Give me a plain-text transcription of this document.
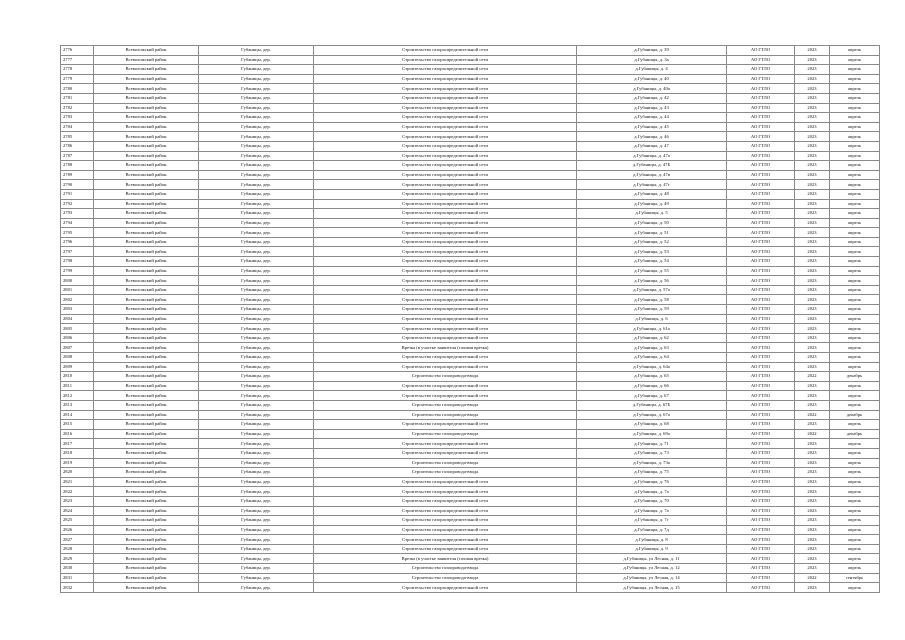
2776	Всеволожский район	Губаницы, дер.	Строительство газораспределительной сети	д.Губаницы, д. 39	АО ГТЛО	2023	апрель
2777	Всеволожский район	Губаницы, дер.	Строительство газораспределительной сети	д.Губаницы, д. 3а	АО ГТЛО	2023	апрель
2778	Всеволожский район	Губаницы, дер.	Строительство газораспределительной сети	д.Губаницы, д. 4	АО ГТЛО	2023	апрель
2779	Всеволожский район	Губаницы, дер.	Строительство газораспределительной сети	д.Губаницы, д. 40	АО ГТЛО	2023	апрель
2780	Всеволожский район	Губаницы, дер.	Строительство газораспределительной сети	д.Губаницы, д. 40а	АО ГТЛО	2023	апрель
2781	Всеволожский район	Губаницы, дер.	Строительство газораспределительной сети	д.Губаницы, д. 42	АО ГТЛО	2023	апрель
2782	Всеволожский район	Губаницы, дер.	Строительство газораспределительной сети	д.Губаницы, д. 43	АО ГТЛО	2023	апрель
2783	Всеволожский район	Губаницы, дер.	Строительство газораспределительной сети	д.Губаницы, д. 44	АО ГТЛО	2023	апрель
2784	Всеволожский район	Губаницы, дер.	Строительство газораспределительной сети	д.Губаницы, д. 45	АО ГТЛО	2023	апрель
2785	Всеволожский район	Губаницы, дер.	Строительство газораспределительной сети	д.Губаницы, д. 46	АО ГТЛО	2023	апрель
2786	Всеволожский район	Губаницы, дер.	Строительство газораспределительной сети	д.Губаницы, д. 47	АО ГТЛО	2023	апрель
2787	Всеволожский район	Губаницы, дер.	Строительство газораспределительной сети	д.Губаницы, д. 47а	АО ГТЛО	2023	апрель
2788	Всеволожский район	Губаницы, дер.	Строительство газораспределительной сети	д.Губаницы, д. 47Б	АО ГТЛО	2023	апрель
2789	Всеволожский район	Губаницы, дер.	Строительство газораспределительной сети	д.Губаницы, д. 47в	АО ГТЛО	2023	апрель
2790	Всеволожский район	Губаницы, дер.	Строительство газораспределительной сети	д.Губаницы, д. 47г	АО ГТЛО	2023	апрель
2791	Всеволожский район	Губаницы, дер.	Строительство газораспределительной сети	д.Губаницы, д. 48	АО ГТЛО	2023	апрель
2792	Всеволожский район	Губаницы, дер.	Строительство газораспределительной сети	д.Губаницы, д. 49	АО ГТЛО	2023	апрель
2793	Всеволожский район	Губаницы, дер.	Строительство газораспределительной сети	д.Губаницы, д. 5	АО ГТЛО	2023	апрель
2794	Всеволожский район	Губаницы, дер.	Строительство газораспределительной сети	д.Губаницы, д. 50	АО ГТЛО	2023	апрель
2795	Всеволожский район	Губаницы, дер.	Строительство газораспределительной сети	д.Губаницы, д. 51	АО ГТЛО	2023	апрель
2796	Всеволожский район	Губаницы, дер.	Строительство газораспределительной сети	д.Губаницы, д. 52	АО ГТЛО	2023	апрель
2797	Всеволожский район	Губаницы, дер.	Строительство газораспределительной сети	д.Губаницы, д. 53	АО ГТЛО	2023	апрель
2798	Всеволожский район	Губаницы, дер.	Строительство газораспределительной сети	д.Губаницы, д. 54	АО ГТЛО	2023	апрель
2799	Всеволожский район	Губаницы, дер.	Строительство газораспределительной сети	д.Губаницы, д. 55	АО ГТЛО	2023	апрель
2800	Всеволожский район	Губаницы, дер.	Строительство газораспределительной сети	д.Губаницы, д. 56	АО ГТЛО	2023	апрель
2801	Всеволожский район	Губаницы, дер.	Строительство газораспределительной сети	д.Губаницы, д. 57а	АО ГТЛО	2023	апрель
2802	Всеволожский район	Губаницы, дер.	Строительство газораспределительной сети	д.Губаницы, д. 58	АО ГТЛО	2023	апрель
2803	Всеволожский район	Губаницы, дер.	Строительство газораспределительной сети	д.Губаницы, д. 59	АО ГТЛО	2023	апрель
2804	Всеволожский район	Губаницы, дер.	Строительство газораспределительной сети	д.Губаницы, д. 6	АО ГТЛО	2023	апрель
2805	Всеволожский район	Губаницы, дер.	Строительство газораспределительной сети	д.Губаницы, д. 61а	АО ГТЛО	2023	апрель
2806	Всеволожский район	Губаницы, дер.	Строительство газораспределительной сети	д.Губаницы, д. 62	АО ГТЛО	2023	апрель
2807	Всеволожский район	Губаницы, дер.	Врезка (в участке заявителя (газовая врезка)	д.Губаницы, д. 63	АО ГТЛО	2023	апрель
2808	Всеволожский район	Губаницы, дер.	Строительство газораспределительной сети	д.Губаницы, д. 64	АО ГТЛО	2023	апрель
2809	Всеволожский район	Губаницы, дер.	Строительство газораспределительной сети	д.Губаницы, д. 64а	АО ГТЛО	2023	апрель
2810	Всеволожский район	Губаницы, дер.	Строительство газопровода-ввода	д.Губаницы, д. 65	АО ГТЛО	2022	декабрь
2811	Всеволожский район	Губаницы, дер.	Строительство газораспределительной сети	д.Губаницы, д. 66	АО ГТЛО	2023	апрель
2812	Всеволожский район	Губаницы, дер.	Строительство газораспределительной сети	д.Губаницы, д. 67	АО ГТЛО	2023	апрель
2813	Всеволожский район	Губаницы, дер.	Строительство газопровода-ввода	д.Губаницы, д. 67Б	АО ГТЛО	2023	апрель
2814	Всеволожский район	Губаницы, дер.	Строительство газопровода-ввода	д.Губаницы, д. 67а	АО ГТЛО	2022	декабрь
2815	Всеволожский район	Губаницы, дер.	Строительство газораспределительной сети	д.Губаницы, д. 68	АО ГТЛО	2023	апрель
2816	Всеволожский район	Губаницы, дер.	Строительство газопровода-ввода	д.Губаницы, д. 69а	АО ГТЛО	2022	декабрь
2817	Всеволожский район	Губаницы, дер.	Строительство газораспределительной сети	д.Губаницы, д. 71	АО ГТЛО	2023	апрель
2818	Всеволожский район	Губаницы, дер.	Строительство газораспределительной сети	д.Губаницы, д. 73	АО ГТЛО	2023	апрель
2819	Всеволожский район	Губаницы, дер.	Строительство газопровода-ввода	д.Губаницы, д. 73а	АО ГТЛО	2023	апрель
2820	Всеволожский район	Губаницы, дер.	Строительство газопровода-ввода	д.Губаницы, д. 75	АО ГТЛО	2023	апрель
2821	Всеволожский район	Губаницы, дер.	Строительство газораспределительной сети	д.Губаницы, д. 76	АО ГТЛО	2023	апрель
2822	Всеволожский район	Губаницы, дер.	Строительство газораспределительной сети	д.Губаницы, д. 7а	АО ГТЛО	2023	апрель
2823	Всеволожский район	Губаницы, дер.	Строительство газораспределительной сети	д.Губаницы, д. 70	АО ГТЛО	2023	апрель
2824	Всеволожский район	Губаницы, дер.	Строительство газораспределительной сети	д.Губаницы, д. 7а	АО ГТЛО	2023	апрель
2825	Всеволожский район	Губаницы, дер.	Строительство газораспределительной сети	д.Губаницы, д. 7г	АО ГТЛО	2023	апрель
2826	Всеволожский район	Губаницы, дер.	Строительство газораспределительной сети	д.Губаницы, д. 7д	АО ГТЛО	2023	апрель
2827	Всеволожский район	Губаницы, дер.	Строительство газораспределительной сети	д.Губаницы, д. 8	АО ГТЛО	2023	апрель
2828	Всеволожский район	Губаницы, дер.	Строительство газораспределительной сети	д.Губаницы, д. 9	АО ГТЛО	2023	апрель
2829	Всеволожский район	Губаницы, дер.	Врезка (в участке заявителя (газовая врезка)	д.Губаницы, ул Лесная, д. 11	АО ГТЛО	2023	апрель
2830	Всеволожский район	Губаницы, дер.	Строительство газопровода-ввода	д.Губаницы, ул Лесная, д. 12	АО ГТЛО	2023	апрель
2831	Всеволожский район	Губаницы, дер.	Строительство газопровода-ввода	д.Губаницы, ул Лесная, д. 14	АО ГТЛО	2022	сентябрь
2832	Всеволожский район	Губаницы, дер.	Строительство газораспределительной сети	д.Губаницы, ул Лесная, д. 15	АО ГТЛО	2023	апрель
